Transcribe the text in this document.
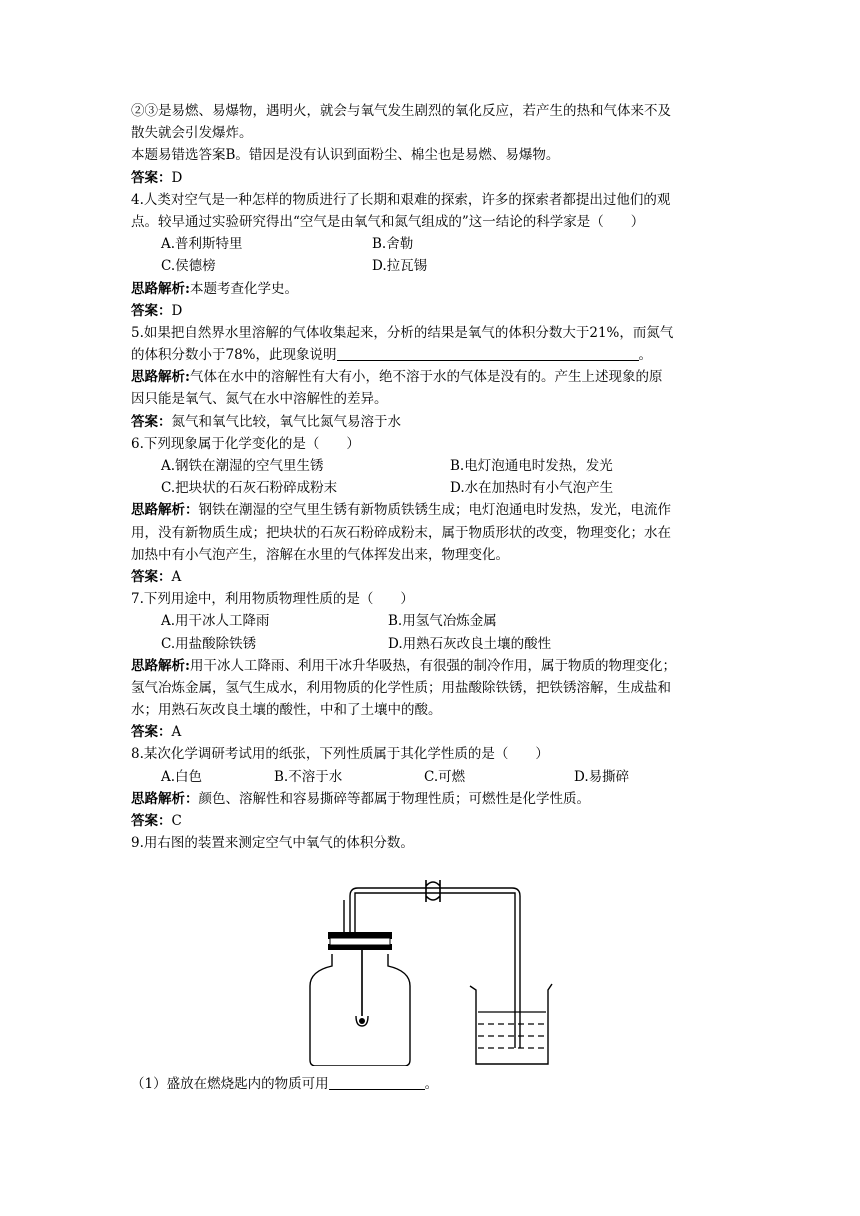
②③是易燃、易爆物，遇明火，就会与氧气发生剧烈的氧化反应，若产生的热和气体来不及
散失就会引发爆炸。
本题易错选答案B。错因是没有认识到面粉尘、棉尘也是易燃、易爆物。
答案：D
4.人类对空气是一种怎样的物质进行了长期和艰难的探索，许多的探索者都提出过他们的观
点。较早通过实验研究得出“空气是由氧气和氮气组成的”这一结论的科学家是（　　）
A.普利斯特里	B.舍勒
C.侯德榜	D.拉瓦锡
思路解析:本题考查化学史。
答案：D
5.如果把自然界水里溶解的气体收集起来，分析的结果是氧气的体积分数大于21%，而氮气
的体积分数小于78%，此现象说明	。
思路解析:气体在水中的溶解性有大有小，绝不溶于水的气体是没有的。产生上述现象的原
因只能是氧气、氮气在水中溶解性的差异。
答案：氮气和氧气比较，氧气比氮气易溶于水
6.下列现象属于化学变化的是（　　）
A.钢铁在潮湿的空气里生锈	B.电灯泡通电时发热，发光
C.把块状的石灰石粉碎成粉末	D.水在加热时有小气泡产生
思路解析：钢铁在潮湿的空气里生锈有新物质铁锈生成；电灯泡通电时发热，发光，电流作
用，没有新物质生成；把块状的石灰石粉碎成粉末，属于物质形状的改变，物理变化；水在
加热中有小气泡产生，溶解在水里的气体挥发出来，物理变化。
答案：A
7.下列用途中，利用物质物理性质的是（　　）
A.用干冰人工降雨	B.用氢气冶炼金属
C.用盐酸除铁锈	D.用熟石灰改良土壤的酸性
思路解析:用干冰人工降雨、利用干冰升华吸热，有很强的制冷作用，属于物质的物理变化；
氢气冶炼金属，氢气生成水，利用物质的化学性质；用盐酸除铁锈，把铁锈溶解，生成盐和
水；用熟石灰改良土壤的酸性，中和了土壤中的酸。
答案：A
8.某次化学调研考试用的纸张，下列性质属于其化学性质的是（　　）
A.白色	B.不溶于水	C.可燃	D.易撕碎
思路解析：颜色、溶解性和容易撕碎等都属于物理性质；可燃性是化学性质。
答案：C
9.用右图的装置来测定空气中氧气的体积分数。
（1）盛放在燃烧匙内的物质可用	。
